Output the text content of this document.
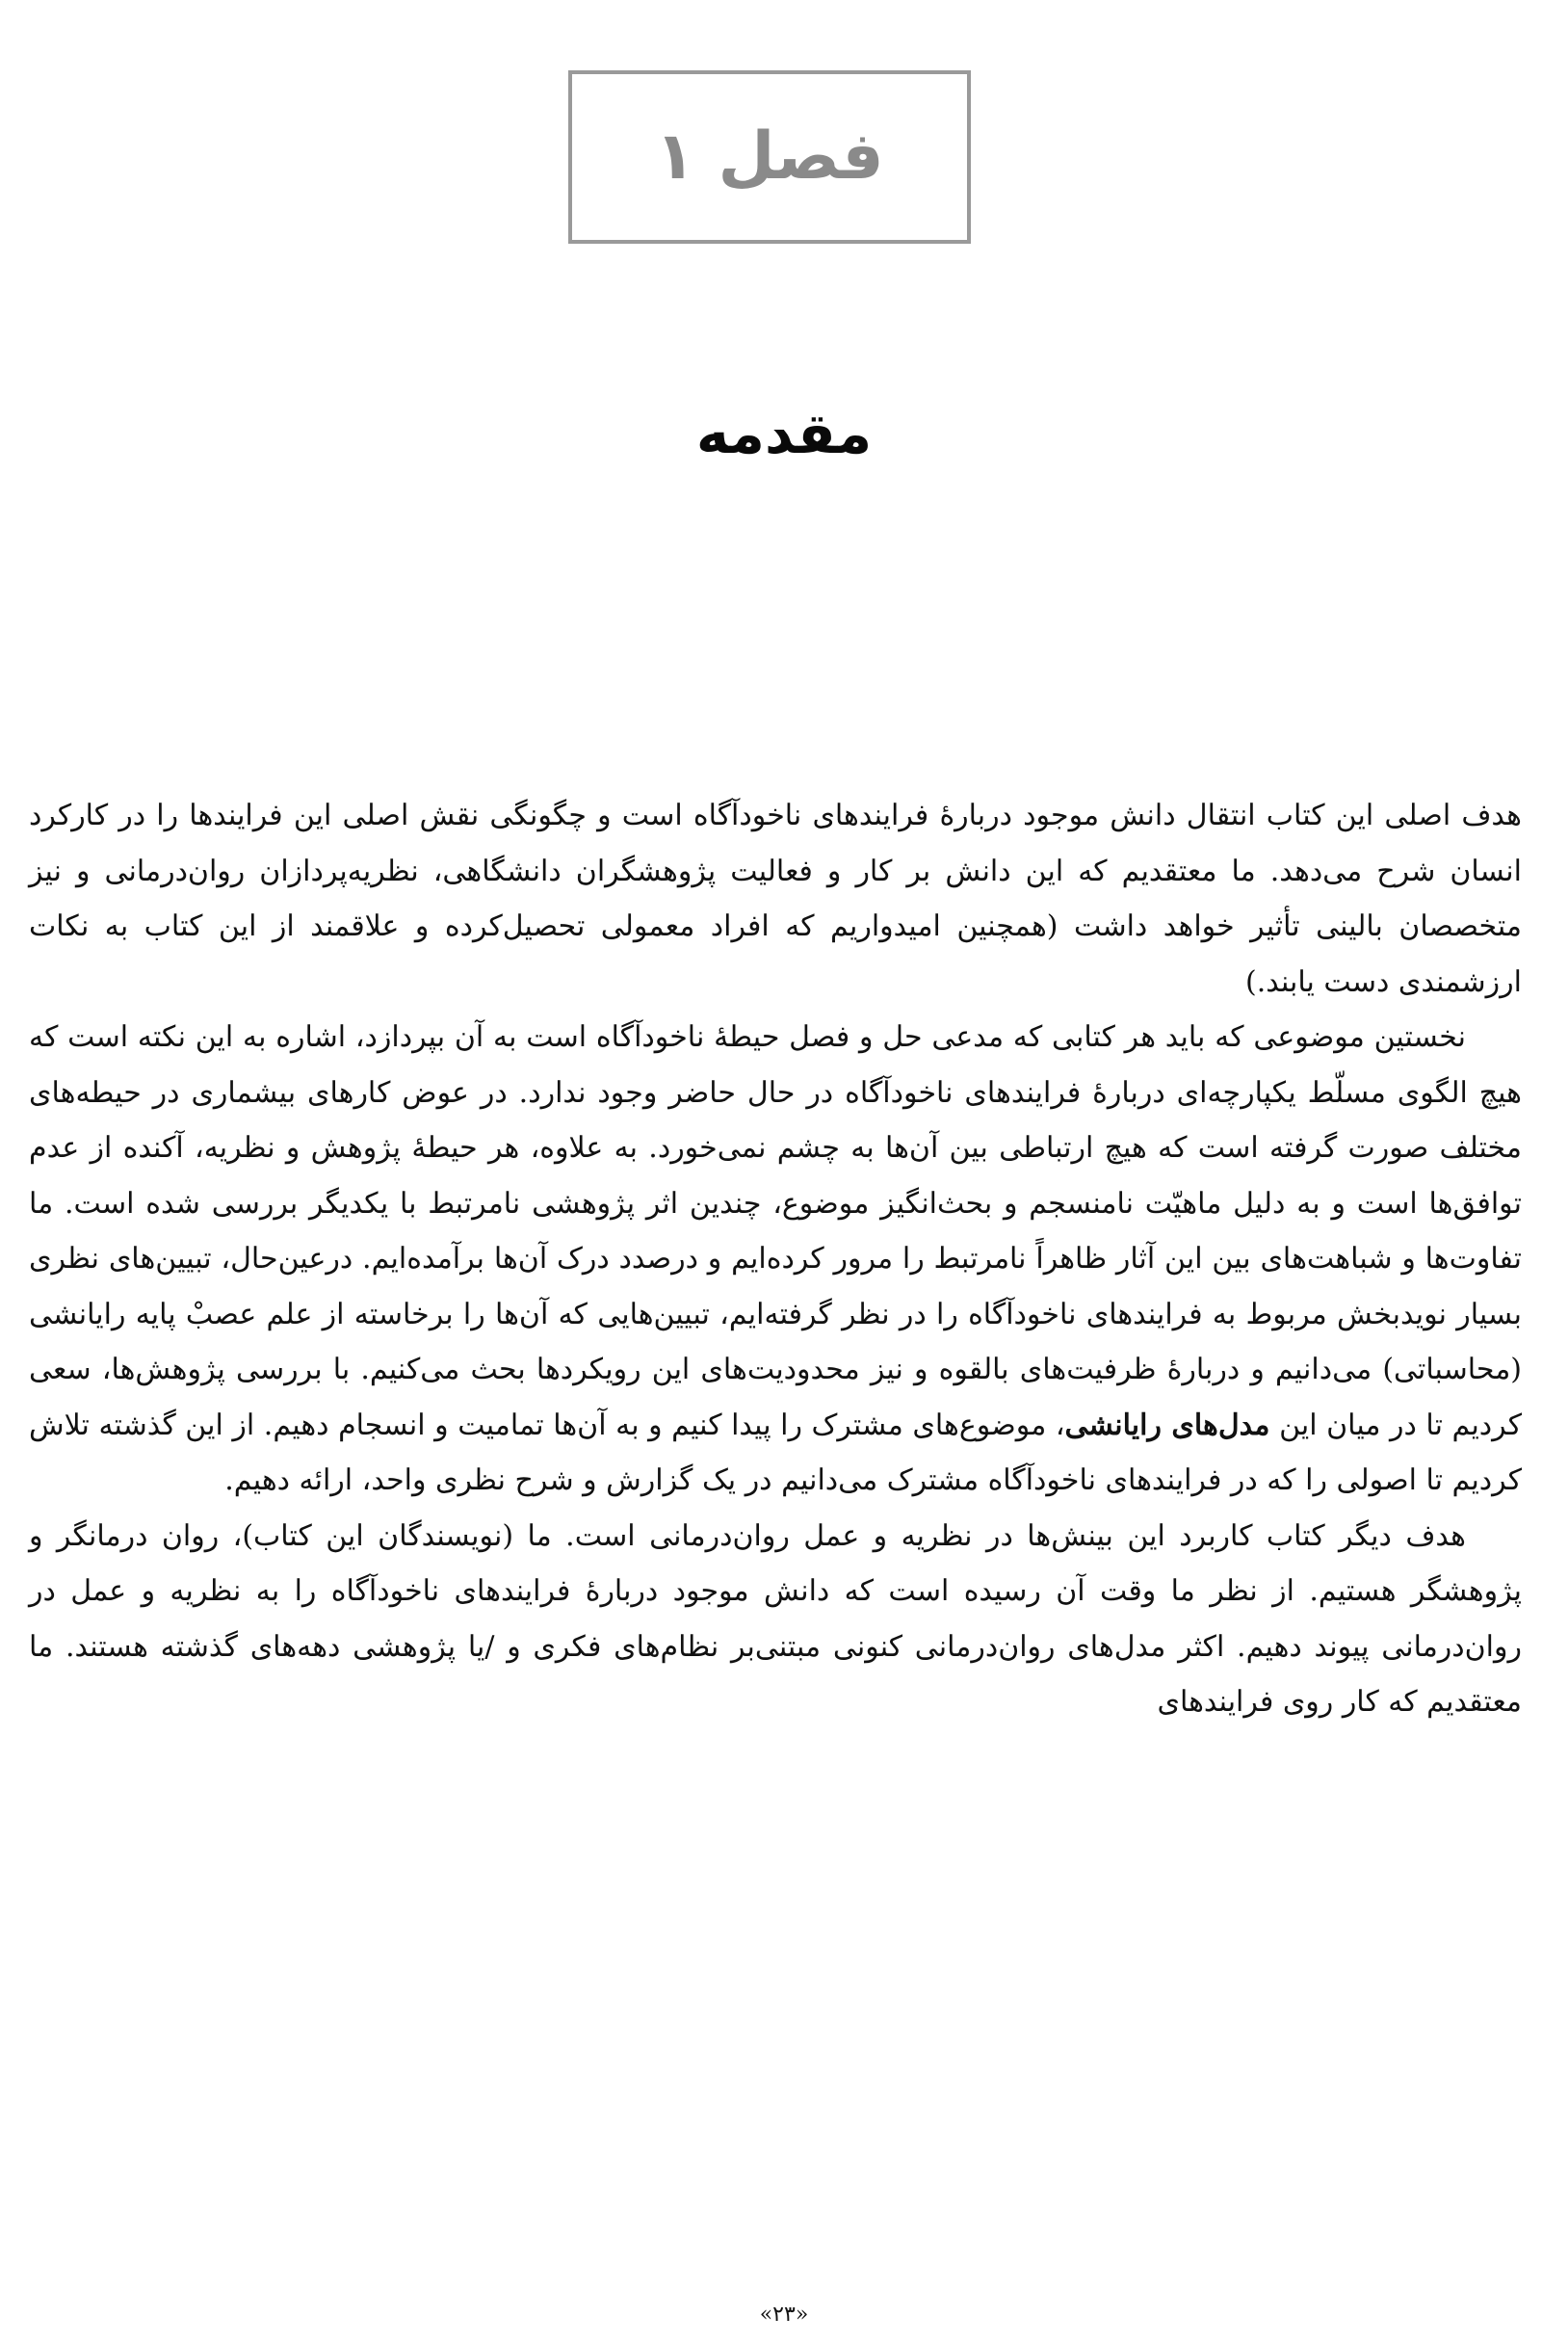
فصل ۱
مقدمه

هدف اصلی این کتاب انتقال دانش موجود دربارهٔ فرایندهای ناخودآگاه است و چگونگی نقش اصلی این فرایندها را در کارکرد انسان شرح می‌دهد. ما معتقدیم که این دانش بر کار و فعالیت پژوهشگران دانشگاهی، نظریه‌پردازان روان‌درمانی و نیز متخصصان بالینی تأثیر خواهد داشت (همچنین امیدواریم که افراد معمولی تحصیل‌کرده و علاقمند از این کتاب به نکات ارزشمندی دست یابند.)

نخستین موضوعی که باید هر کتابی که مدعی حل و فصل حیطهٔ ناخودآگاه است به آن بپردازد، اشاره به این نکته است که هیچ الگوی مسلّط یکپارچه‌ای دربارهٔ فرایندهای ناخودآگاه در حال حاضر وجود ندارد. در عوض کارهای بیشماری در حیطه‌های مختلف صورت گرفته است که هیچ ارتباطی بین آن‌ها به چشم نمی‌خورد. به علاوه، هر حیطهٔ پژوهش و نظریه، آکنده از عدم توافق‌ها است و به دلیل ماهیّت نامنسجم و بحث‌انگیز موضوع، چندین اثر پژوهشی نامرتبط با یکدیگر بررسی شده است. ما تفاوت‌ها و شباهت‌های بین این آثار ظاهراً نامرتبط را مرور کرده‌ایم و درصدد درک آن‌ها برآمده‌ایم. درعین‌حال، تبیین‌های نظری بسیار نویدبخش مربوط به فرایندهای ناخودآگاه را در نظر گرفته‌ایم، تبیین‌هایی که آن‌ها را برخاسته از علم عصبْ پایه رایانشی (محاسباتی) می‌دانیم و دربارهٔ ظرفیت‌های بالقوه و نیز محدودیت‌های این رویکردها بحث می‌کنیم. با بررسی پژوهش‌ها، سعی کردیم تا در میان این مدل‌های رایانشی، موضوع‌های مشترک را پیدا کنیم و به آن‌ها تمامیت و انسجام دهیم. از این گذشته تلاش کردیم تا اصولی را که در فرایندهای ناخودآگاه مشترک می‌دانیم در یک گزارش و شرح نظری واحد، ارائه دهیم.

هدف دیگر کتاب کاربرد این بینش‌ها در نظریه و عمل روان‌درمانی است. ما (نویسندگان این کتاب)، روان درمانگر و پژوهشگر هستیم. از نظر ما وقت آن رسیده است که دانش موجود دربارهٔ فرایندهای ناخودآگاه را به نظریه و عمل در روان‌درمانی پیوند دهیم. اکثر مدل‌های روان‌درمانی کنونی مبتنی‌بر نظام‌های فکری و /یا پژوهشی دهه‌های گذشته هستند. ما معتقدیم که کار روی فرایندهای

«۲۳»
